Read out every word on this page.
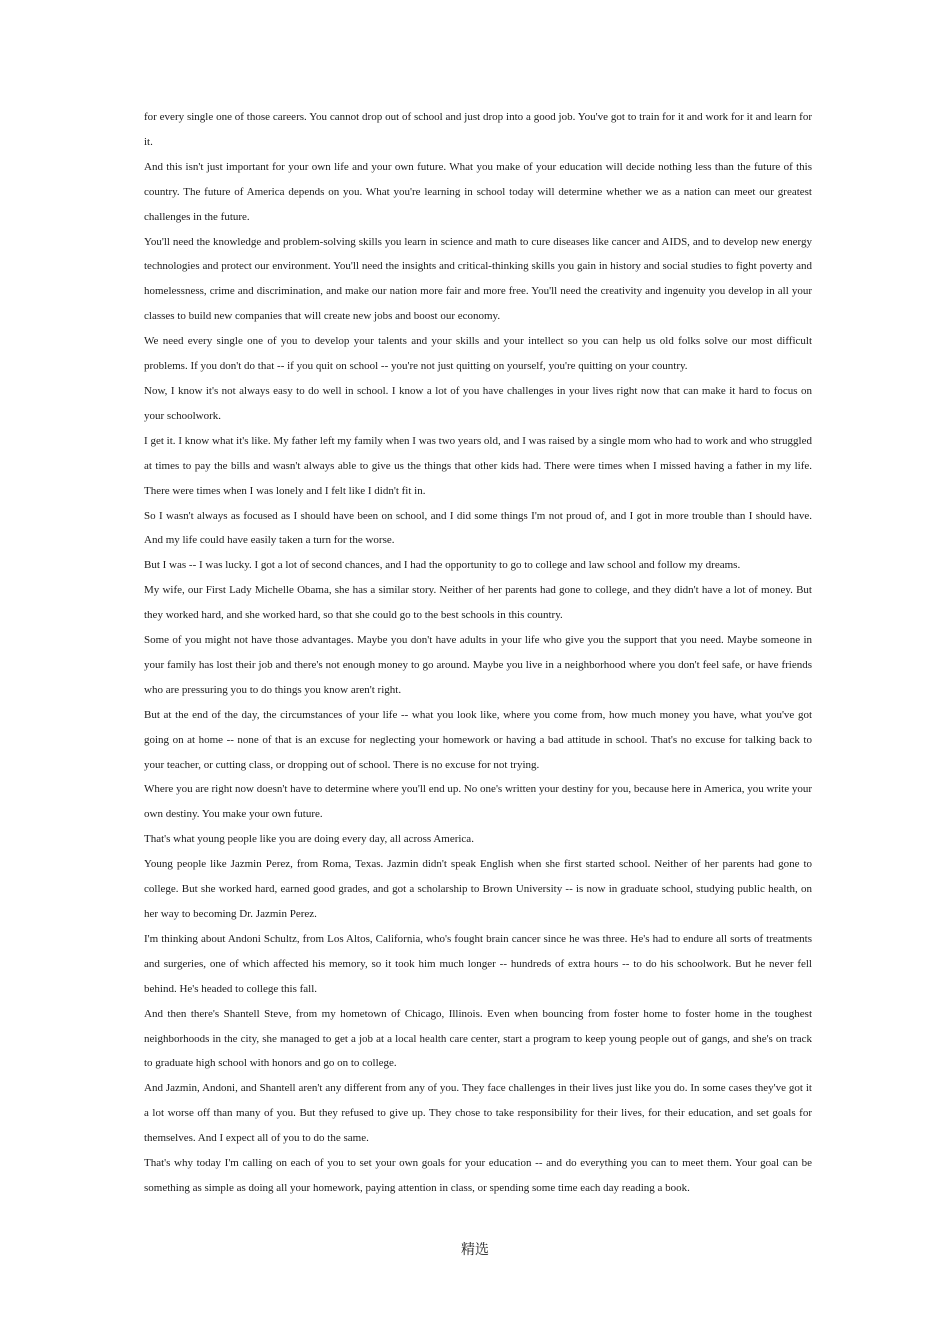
for every single one of those careers. You cannot drop out of school and just drop into a good job. You've got to train for it and work for it and learn for it.

And this isn't just important for your own life and your own future. What you make of your education will decide nothing less than the future of this country. The future of America depends on you. What you're learning in school today will determine whether we as a nation can meet our greatest challenges in the future.

You'll need the knowledge and problem-solving skills you learn in science and math to cure diseases like cancer and AIDS, and to develop new energy technologies and protect our environment. You'll need the insights and critical-thinking skills you gain in history and social studies to fight poverty and homelessness, crime and discrimination, and make our nation more fair and more free. You'll need the creativity and ingenuity you develop in all your classes to build new companies that will create new jobs and boost our economy.

We need every single one of you to develop your talents and your skills and your intellect so you can help us old folks solve our most difficult problems. If you don't do that -- if you quit on school -- you're not just quitting on yourself, you're quitting on your country.

Now, I know it's not always easy to do well in school. I know a lot of you have challenges in your lives right now that can make it hard to focus on your schoolwork.

I get it. I know what it's like. My father left my family when I was two years old, and I was raised by a single mom who had to work and who struggled at times to pay the bills and wasn't always able to give us the things that other kids had. There were times when I missed having a father in my life. There were times when I was lonely and I felt like I didn't fit in.

So I wasn't always as focused as I should have been on school, and I did some things I'm not proud of, and I got in more trouble than I should have. And my life could have easily taken a turn for the worse.

But I was -- I was lucky. I got a lot of second chances, and I had the opportunity to go to college and law school and follow my dreams.

My wife, our First Lady Michelle Obama, she has a similar story. Neither of her parents had gone to college, and they didn't have a lot of money. But they worked hard, and she worked hard, so that she could go to the best schools in this country.

Some of you might not have those advantages. Maybe you don't have adults in your life who give you the support that you need. Maybe someone in your family has lost their job and there's not enough money to go around. Maybe you live in a neighborhood where you don't feel safe, or have friends who are pressuring you to do things you know aren't right.

But at the end of the day, the circumstances of your life -- what you look like, where you come from, how much money you have, what you've got going on at home -- none of that is an excuse for neglecting your homework or having a bad attitude in school. That's no excuse for talking back to your teacher, or cutting class, or dropping out of school. There is no excuse for not trying.

Where you are right now doesn't have to determine where you'll end up. No one's written your destiny for you, because here in America, you write your own destiny. You make your own future.

That's what young people like you are doing every day, all across America.

Young people like Jazmin Perez, from Roma, Texas. Jazmin didn't speak English when she first started school. Neither of her parents had gone to college. But she worked hard, earned good grades, and got a scholarship to Brown University -- is now in graduate school, studying public health, on her way to becoming Dr. Jazmin Perez.

I'm thinking about Andoni Schultz, from Los Altos, California, who's fought brain cancer since he was three. He's had to endure all sorts of treatments and surgeries, one of which affected his memory, so it took him much longer -- hundreds of extra hours -- to do his schoolwork. But he never fell behind. He's headed to college this fall.

And then there's Shantell Steve, from my hometown of Chicago, Illinois. Even when bouncing from foster home to foster home in the toughest neighborhoods in the city, she managed to get a job at a local health care center, start a program to keep young people out of gangs, and she's on track to graduate high school with honors and go on to college.

And Jazmin, Andoni, and Shantell aren't any different from any of you. They face challenges in their lives just like you do. In some cases they've got it a lot worse off than many of you. But they refused to give up. They chose to take responsibility for their lives, for their education, and set goals for themselves. And I expect all of you to do the same.

That's why today I'm calling on each of you to set your own goals for your education -- and do everything you can to meet them. Your goal can be something as simple as doing all your homework, paying attention in class, or spending some time each day reading a book.

精选
